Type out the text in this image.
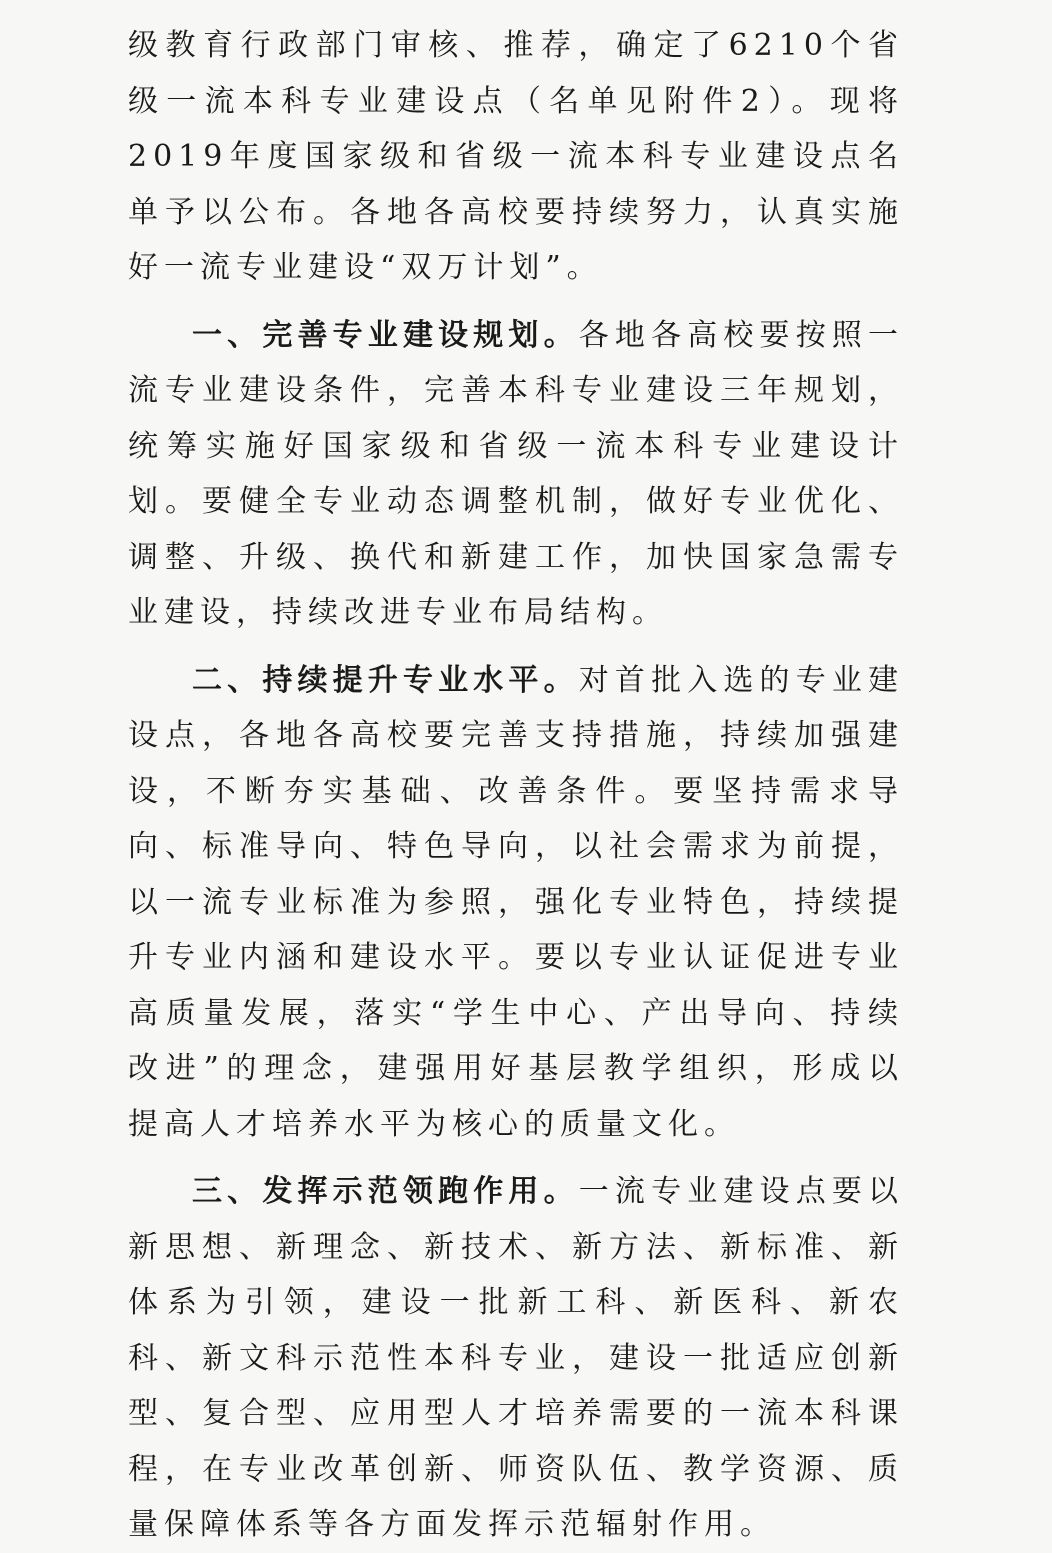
级教育行政部门审核、推荐，确定了6210个省级一流本科专业建设点（名单见附件2）。现将2019年度国家级和省级一流本科专业建设点名单予以公布。各地各高校要持续努力，认真实施好一流专业建设“双万计划”。

一、完善专业建设规划。各地各高校要按照一流专业建设条件，完善本科专业建设三年规划，统筹实施好国家级和省级一流本科专业建设计划。要健全专业动态调整机制，做好专业优化、调整、升级、换代和新建工作，加快国家急需专业建设，持续改进专业布局结构。

二、持续提升专业水平。对首批入选的专业建设点，各地各高校要完善支持措施，持续加强建设，不断夯实基础、改善条件。要坚持需求导向、标准导向、特色导向，以社会需求为前提，以一流专业标准为参照，强化专业特色，持续提升专业内涵和建设水平。要以专业认证促进专业高质量发展，落实“学生中心、产出导向、持续改进”的理念，建强用好基层教学组织，形成以提高人才培养水平为核心的质量文化。

三、发挥示范领跑作用。一流专业建设点要以新思想、新理念、新技术、新方法、新标准、新体系为引领，建设一批新工科、新医科、新农科、新文科示范性本科专业，建设一批适应创新型、复合型、应用型人才培养需要的一流本科课程，在专业改革创新、师资队伍、教学资源、质量保障体系等各方面发挥示范辐射作用。
